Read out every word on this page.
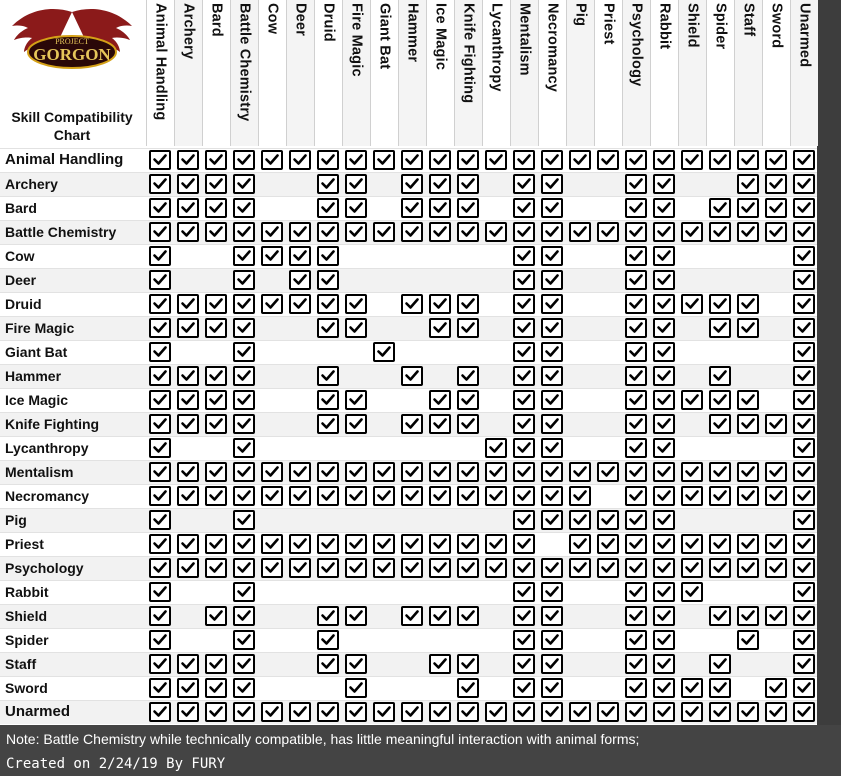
PROJECT
GORGON
Skill Compatibility Chart
Animal Handling Archery Bard Battle Chemistry Cow Deer Druid Fire Magic Giant Bat Hammer Ice Magic Knife Fighting Lycanthropy Mentalism Necromancy Pig Priest Psychology Rabbit Shield Spider Staff Sword Unarmed
Animal Handling
Archery
Bard
Battle Chemistry
Cow
Deer
Druid
Fire Magic
Giant Bat
Hammer
Ice Magic
Knife Fighting
Lycanthropy
Mentalism
Necromancy
Pig
Priest
Psychology
Rabbit
Shield
Spider
Staff
Sword
Unarmed
Note: Battle Chemistry while technically compatible, has little meaningful interaction with animal forms;
Created on 2/24/19 By FURY
